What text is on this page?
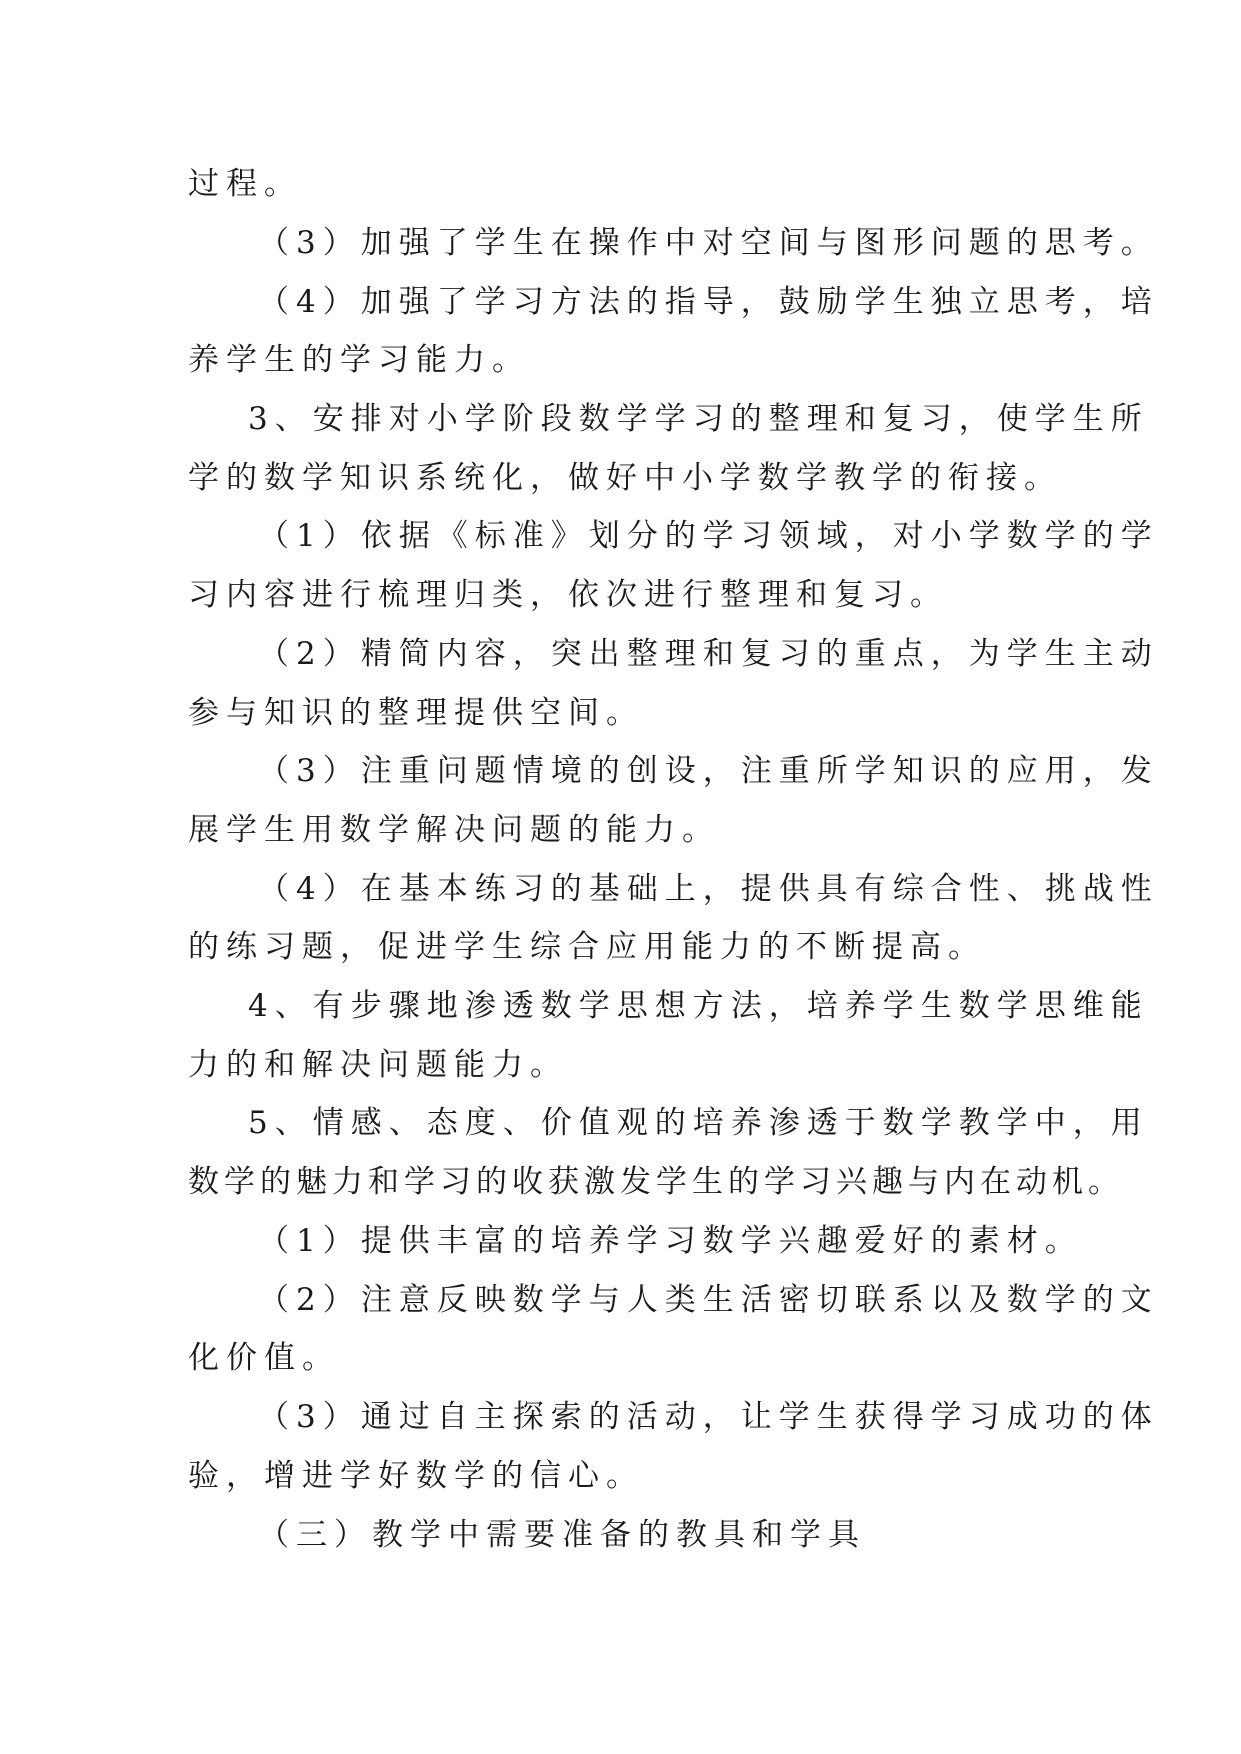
过程。
（3）加强了学生在操作中对空间与图形问题的思考。
（4）加强了学习方法的指导，鼓励学生独立思考，培
养学生的学习能力。
3、安排对小学阶段数学学习的整理和复习，使学生所
学的数学知识系统化，做好中小学数学教学的衔接。
（1）依据《标准》划分的学习领域，对小学数学的学
习内容进行梳理归类，依次进行整理和复习。
（2）精简内容，突出整理和复习的重点，为学生主动
参与知识的整理提供空间。
（3）注重问题情境的创设，注重所学知识的应用，发
展学生用数学解决问题的能力。
（4）在基本练习的基础上，提供具有综合性、挑战性
的练习题，促进学生综合应用能力的不断提高。
4、有步骤地渗透数学思想方法，培养学生数学思维能
力的和解决问题能力。
5、情感、态度、价值观的培养渗透于数学教学中，用
数学的魅力和学习的收获激发学生的学习兴趣与内在动机。
（1）提供丰富的培养学习数学兴趣爱好的素材。
（2）注意反映数学与人类生活密切联系以及数学的文
化价值。
（3）通过自主探索的活动，让学生获得学习成功的体
验，增进学好数学的信心。
（三）教学中需要准备的教具和学具
